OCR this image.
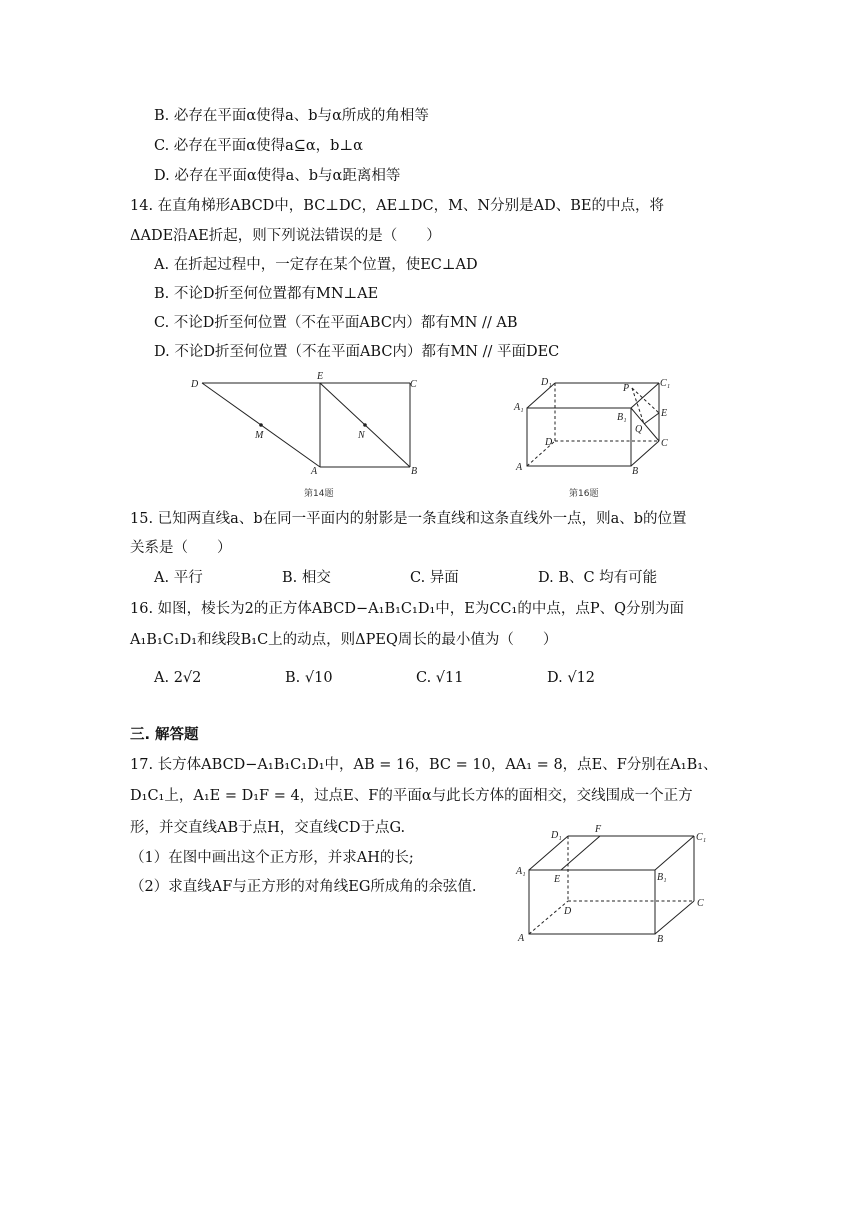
B. 必存在平面α使得a、b与α所成的角相等
C. 必存在平面α使得a⊆α，b⊥α
D. 必存在平面α使得a、b与α距离相等
14. 在直角梯形ABCD中，BC⊥DC，AE⊥DC，M、N分别是AD、BE的中点，将
ΔADE沿AE折起，则下列说法错误的是（　　）
A. 在折起过程中，一定存在某个位置，使EC⊥AD
B. 不论D折至何位置都有MN⊥AE
C. 不论D折至何位置（不在平面ABC内）都有MN // AB
D. 不论D折至何位置（不在平面ABC内）都有MN // 平面DEC
D
E
C
M	N
A	B
第14题
D₁
P	C₁
A₁
B₁	E
Q
D	C
A	B
第16题
15. 已知两直线a、b在同一平面内的射影是一条直线和这条直线外一点，则a、b的位置
关系是（　　）
A. 平行	B. 相交	C. 异面	D. B、C 均有可能
16. 如图，棱长为2的正方体ABCD−A₁B₁C₁D₁中，E为CC₁的中点，点P、Q分别为面
A₁B₁C₁D₁和线段B₁C上的动点，则ΔPEQ周长的最小值为（　　）
A. 2√2	B. √10	C. √11	D. √12
三. 解答题
17. 长方体ABCD−A₁B₁C₁D₁中，AB = 16，BC = 10，AA₁ = 8，点E、F分别在A₁B₁、
D₁C₁上，A₁E = D₁F = 4，过点E、F的平面α与此长方体的面相交，交线围成一个正方
形，并交直线AB于点H，交直线CD于点G.
（1）在图中画出这个正方形，并求AH的长;
（2）求直线AF与正方形的对角线EG所成角的余弦值.
D₁
F
C₁
A₁
E	B₁
D
C
A	B
